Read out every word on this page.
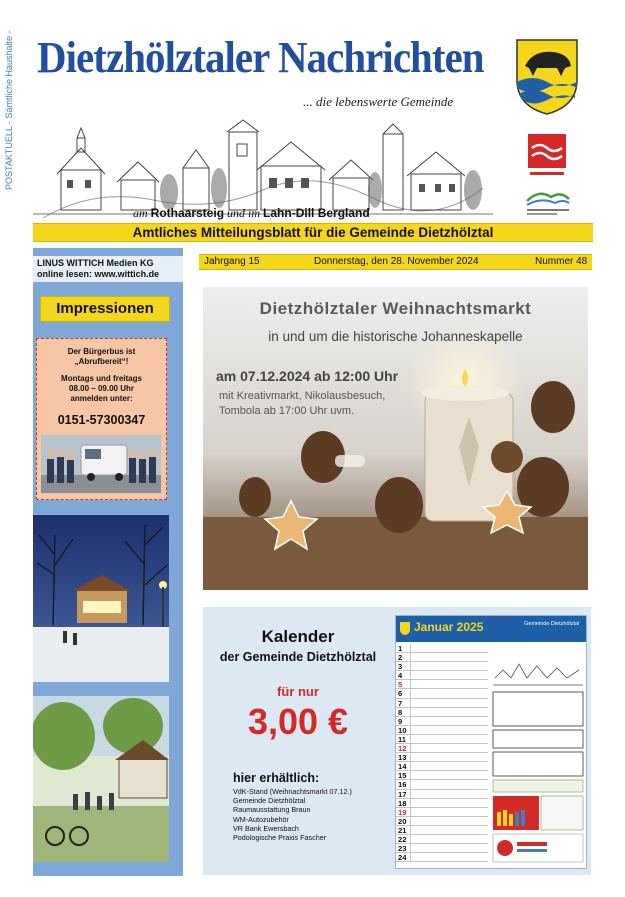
POSTAKTUELL - Sämtliche Haushalte - Dietzhölztaler Nachrichten
... die lebenswerte Gemeinde
am Rothaarsteig und im Lahn-Dill Bergland
Amtliches Mitteilungsblatt für die Gemeinde Dietzhölztal
LINUS WITTICH Medien KG
online lesen: www.wittich.de
Impressionen
Der Bürgerbus ist
„Abrufbereit“!
Montags und freitags
08.00 – 09.00 Uhr
anmelden unter:
0151-57300347
Jahrgang 15	Donnerstag, den 28. November 2024	Nummer 48
Dietzhölztaler Weihnachtsmarkt
in und um die historische Johanneskapelle
am 07.12.2024 ab 12:00 Uhr
mit Kreativmarkt, Nikolausbesuch,
Tombola ab 17:00 Uhr uvm.
Kalender
der Gemeinde Dietzhölztal
für nur
3,00 €
hier erhältlich:
VdK-Stand (Weihnachtsmarkt 07.12.)
Gemeinde Dietzhölztal
Raumausstattung Braun
WM-Autozubehör
VR Bank Ewersbach
Podologische Praxis Fascher
Januar 2025	Gemeinde Dietzhölztal
1
2
3
4
5
6
7
8
9
10
11
12
13
14
15
16
17
18
19
20
21
22
23
24
